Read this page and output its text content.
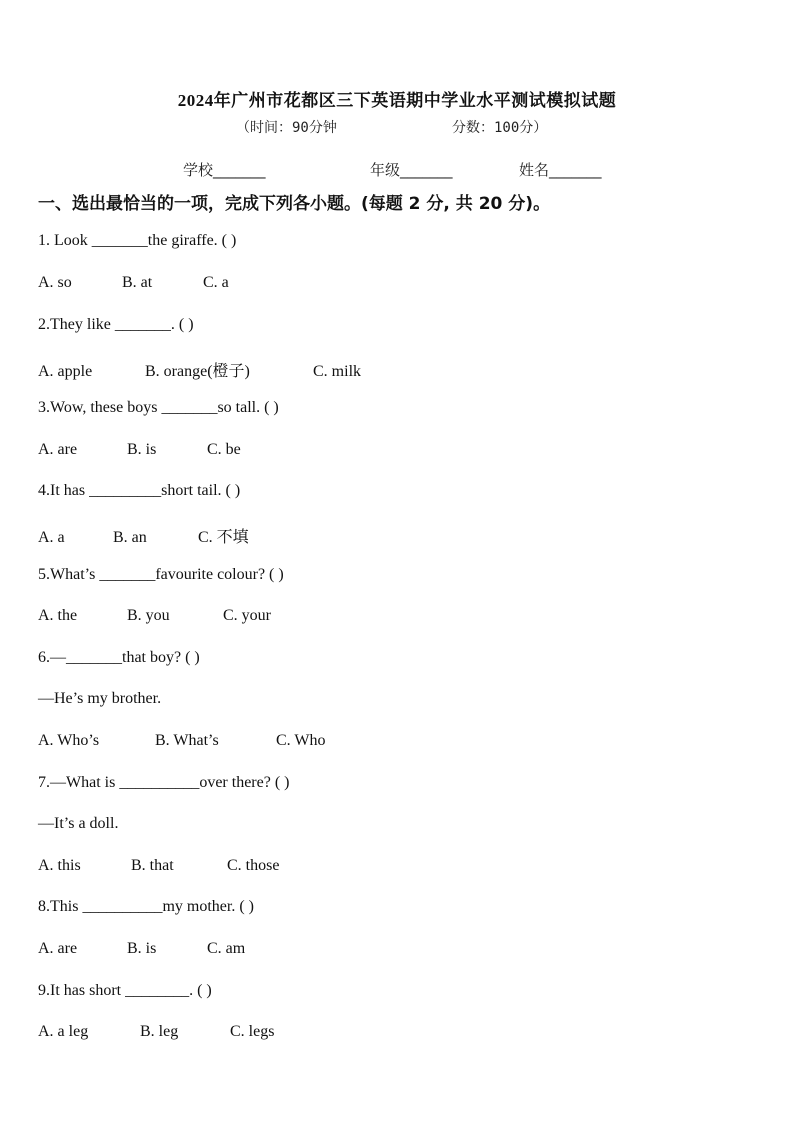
2024年广州市花都区三下英语期中学业水平测试模拟试题
（时间：90分钟	分数：100分）
学校_______	年级_______	姓名_______
一、选出最恰当的一项，完成下列各小题。(每题 2 分, 共 20 分)。
1. Look _______the giraffe. ( )
A. so	B. at	C. a
2.They like _______. ( )
A. apple	B. orange(橙子)	C. milk
3.Wow, these boys _______so tall. ( )
A. are	B. is	C. be
4.It has _________short tail. ( )
A. a	B. an	C. 不填
5.What’s _______favourite colour? ( )
A. the	B. you	C. your
6.—_______that boy? ( )
—He’s my brother.
A. Who’s	B. What’s	C. Who
7.—What is __________over there? ( )
—It’s a doll.
A. this	B. that	C. those
8.This __________my mother. ( )
A. are	B. is	C. am
9.It has short ________. ( )
A. a leg	B. leg	C. legs
